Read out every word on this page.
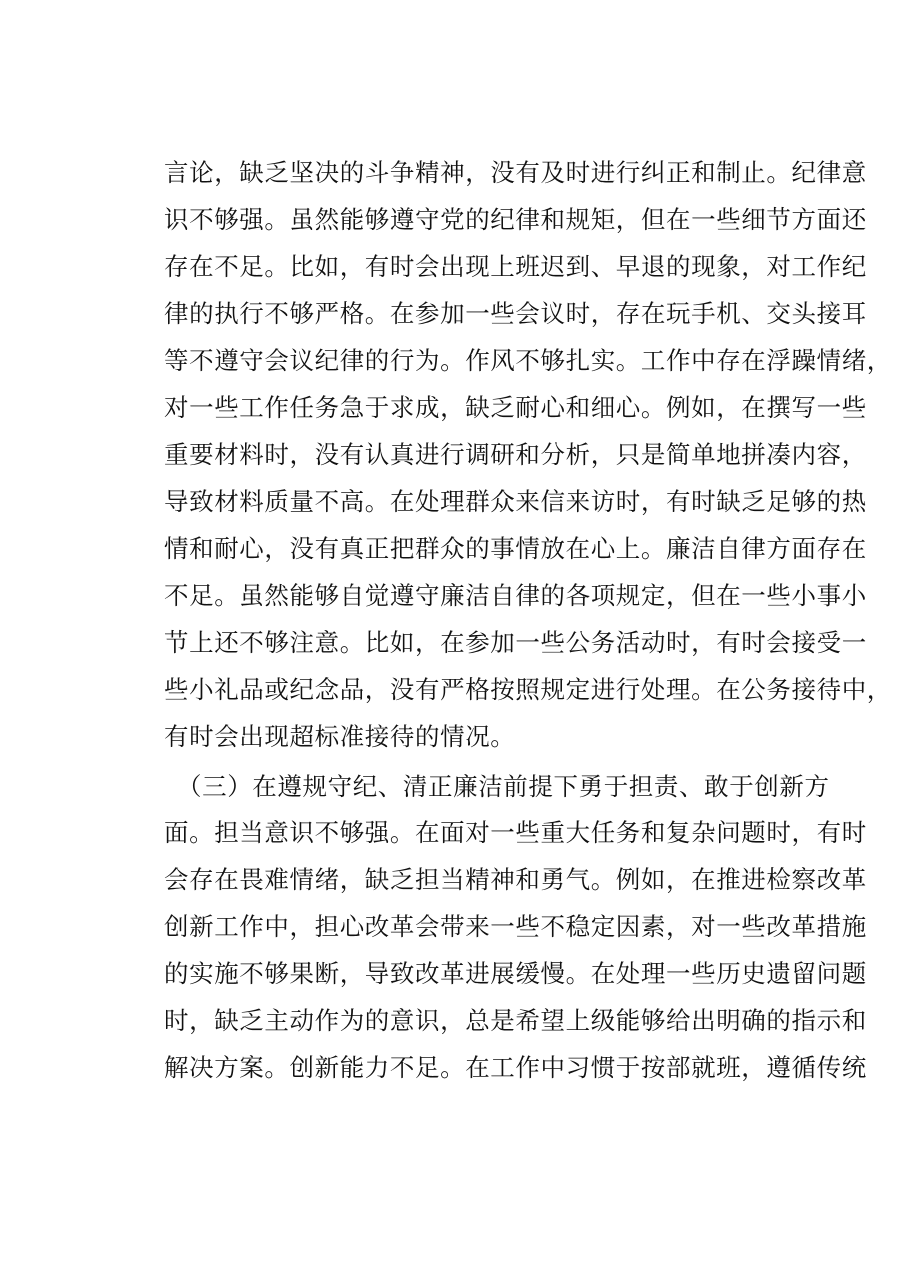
言论，缺乏坚决的斗争精神，没有及时进行纠正和制止。纪律意
识不够强。虽然能够遵守党的纪律和规矩，但在一些细节方面还
存在不足。比如，有时会出现上班迟到、早退的现象，对工作纪
律的执行不够严格。在参加一些会议时，存在玩手机、交头接耳
等不遵守会议纪律的行为。作风不够扎实。工作中存在浮躁情绪，
对一些工作任务急于求成，缺乏耐心和细心。例如，在撰写一些
重要材料时，没有认真进行调研和分析，只是简单地拼凑内容，
导致材料质量不高。在处理群众来信来访时，有时缺乏足够的热
情和耐心，没有真正把群众的事情放在心上。廉洁自律方面存在
不足。虽然能够自觉遵守廉洁自律的各项规定，但在一些小事小
节上还不够注意。比如，在参加一些公务活动时，有时会接受一
些小礼品或纪念品，没有严格按照规定进行处理。在公务接待中，
有时会出现超标准接待的情况。
（三）在遵规守纪、清正廉洁前提下勇于担责、敢于创新方
面。担当意识不够强。在面对一些重大任务和复杂问题时，有时
会存在畏难情绪，缺乏担当精神和勇气。例如，在推进检察改革
创新工作中，担心改革会带来一些不稳定因素，对一些改革措施
的实施不够果断，导致改革进展缓慢。在处理一些历史遗留问题
时，缺乏主动作为的意识，总是希望上级能够给出明确的指示和
解决方案。创新能力不足。在工作中习惯于按部就班，遵循传统
